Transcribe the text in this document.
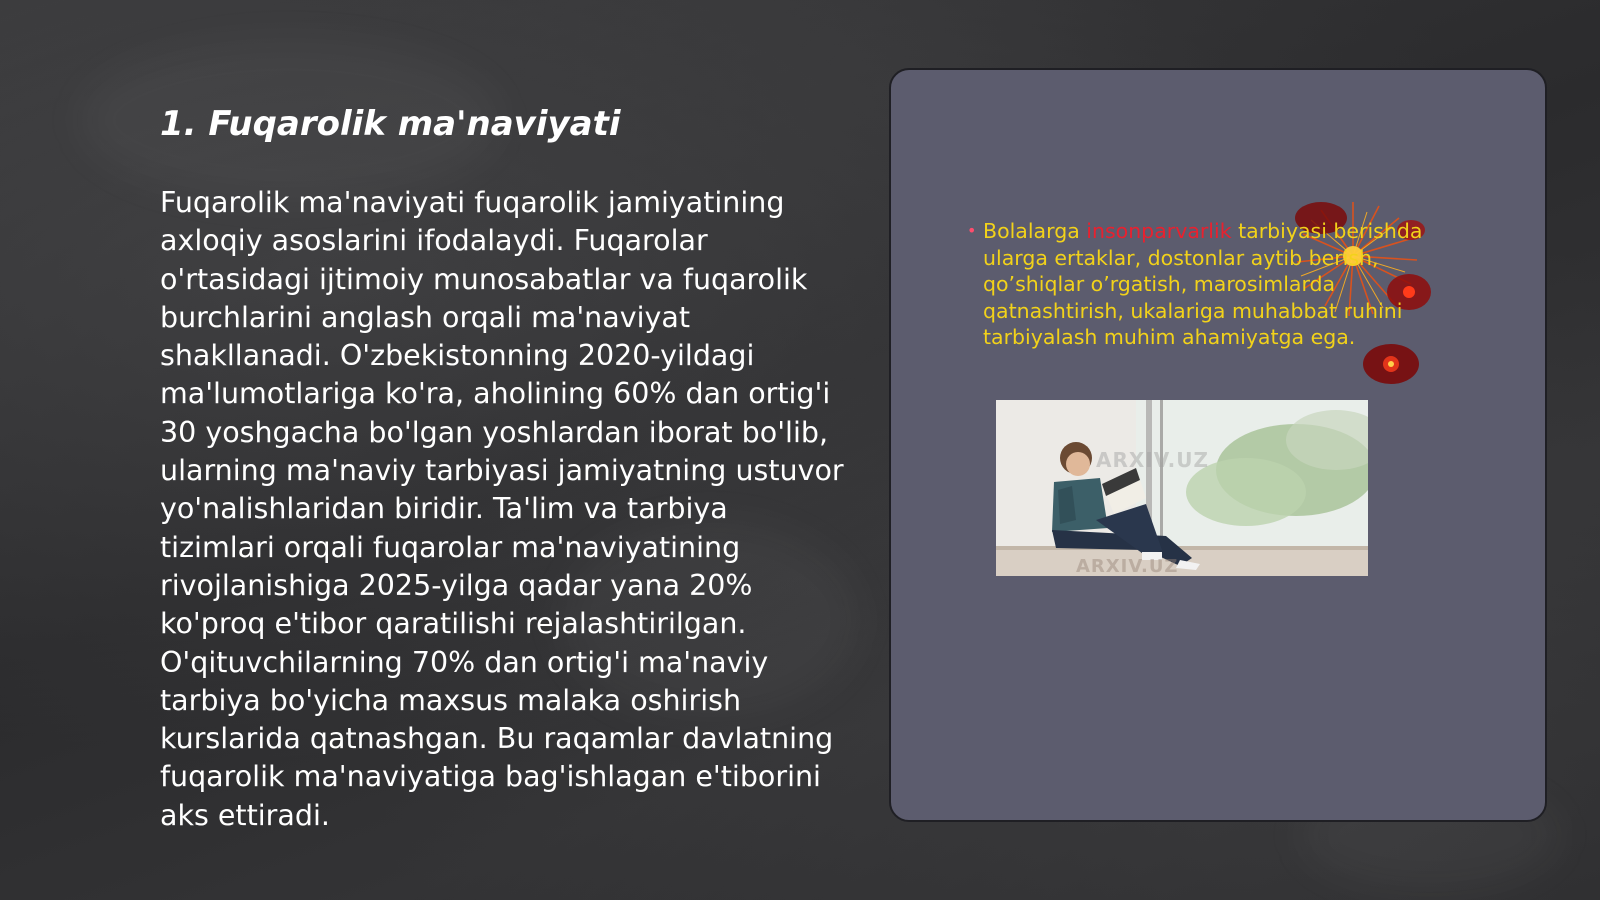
1. Fuqarolik ma'naviyati

Fuqarolik ma'naviyati fuqarolik jamiyatining axloqiy asoslarini ifodalaydi. Fuqarolar o'rtasidagi ijtimoiy munosabatlar va fuqarolik burchlarini anglash orqali ma'naviyat shakllanadi. O'zbekistonning 2020-yildagi ma'lumotlariga ko'ra, aholining 60% dan ortig'i 30 yoshgacha bo'lgan yoshlardan iborat bo'lib, ularning ma'naviy tarbiyasi jamiyatning ustuvor yo'nalishlaridan biridir. Ta'lim va tarbiya tizimlari orqali fuqarolar ma'naviyatining rivojlanishiga 2025-yilga qadar yana 20% ko'proq e'tibor qaratilishi rejalashtirilgan. O'qituvchilarning 70% dan ortig'i ma'naviy tarbiya bo'yicha maxsus malaka oshirish kurslarida qatnashgan. Bu raqamlar davlatning fuqarolik ma'naviyatiga bag'ishlagan e'tiborini aks ettiradi.

• Bolalarga insonparvarlik tarbiyasi berishda ularga ertaklar, dostonlar aytib berish, qo’shiqlar o’rgatish, marosimlarda qatnashtirish, ukalariga muhabbat ruhini tarbiyalash muhim ahamiyatga ega.
ARXIV.UZ
ARXIV.UZ
